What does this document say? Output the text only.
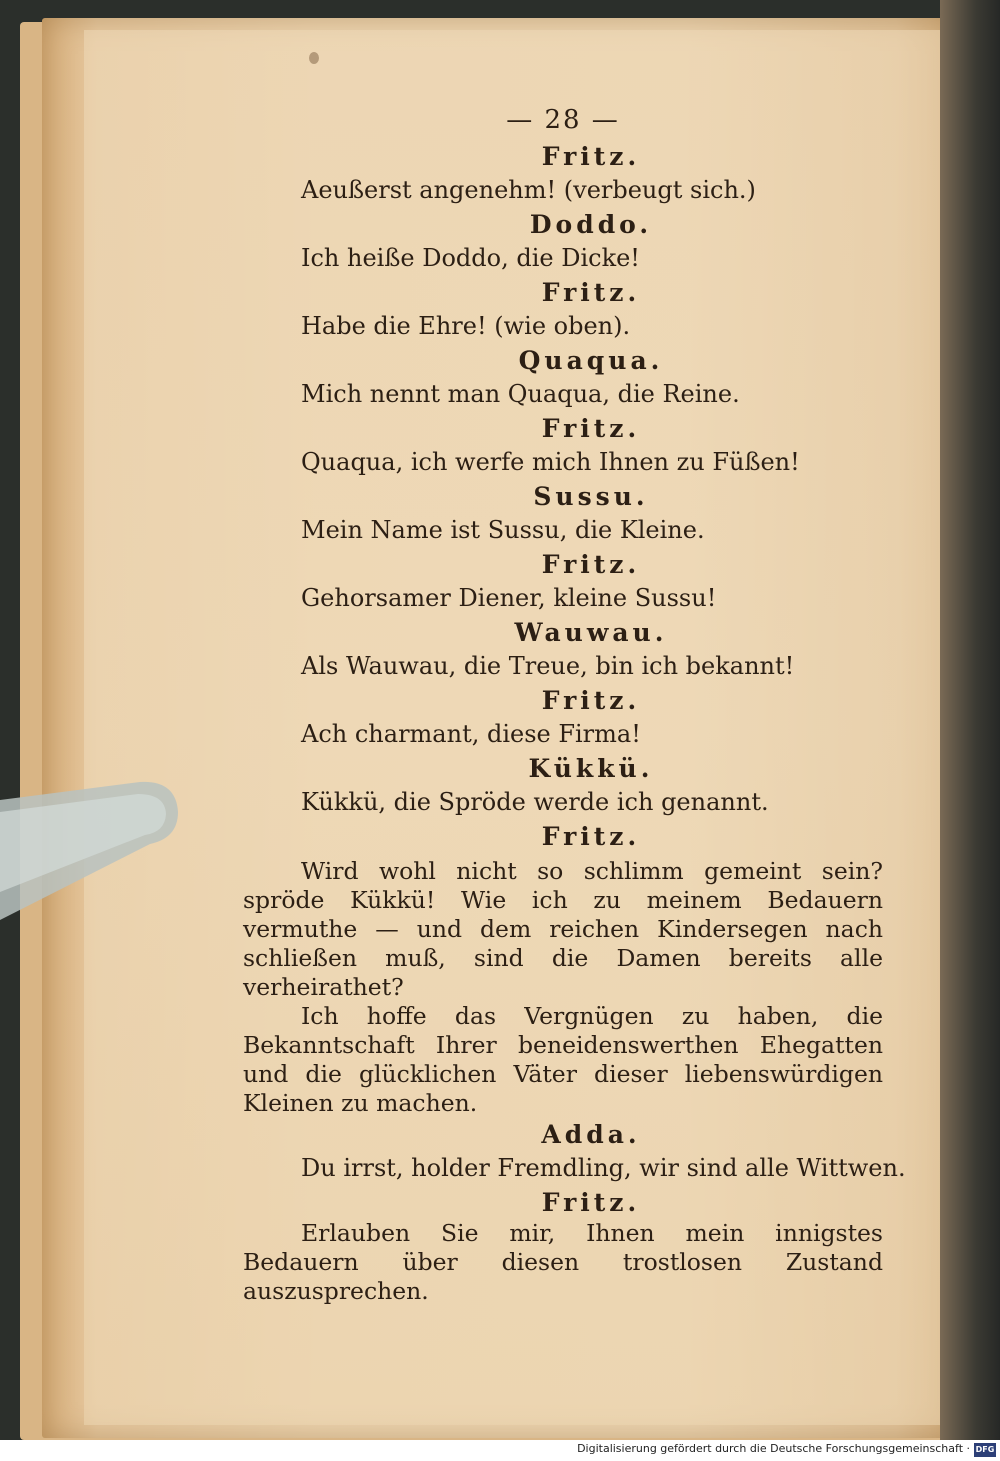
— 28 —
Fritz.
Aeußerst angenehm! (verbeugt sich.)
Doddo.
Ich heiße Doddo, die Dicke!
Fritz.
Habe die Ehre! (wie oben).
Quaqua.
Mich nennt man Quaqua, die Reine.
Fritz.
Quaqua, ich werfe mich Ihnen zu Füßen!
Sussu.
Mein Name ist Sussu, die Kleine.
Fritz.
Gehorsamer Diener, kleine Sussu!
Wauwau.
Als Wauwau, die Treue, bin ich bekannt!
Fritz.
Ach charmant, diese Firma!
Kükkü.
Kükkü, die Spröde werde ich genannt.
Fritz.

Wird wohl nicht so schlimm gemeint sein? spröde Kükkü! Wie ich zu meinem Bedauern vermuthe — und dem reichen Kindersegen nach schließen muß, sind die Damen bereits alle verheirathet?

Ich hoffe das Vergnügen zu haben, die Bekanntschaft Ihrer beneidenswerthen Ehegatten und die glücklichen Väter dieser liebenswürdigen Kleinen zu machen.

Adda.
Du irrst, holder Fremdling, wir sind alle Wittwen.
Fritz.

Erlauben Sie mir, Ihnen mein innigstes Bedauern über diesen trostlosen Zustand auszusprechen.

Digitalisierung gefördert durch die Deutsche Forschungsgemeinschaft · DFG
